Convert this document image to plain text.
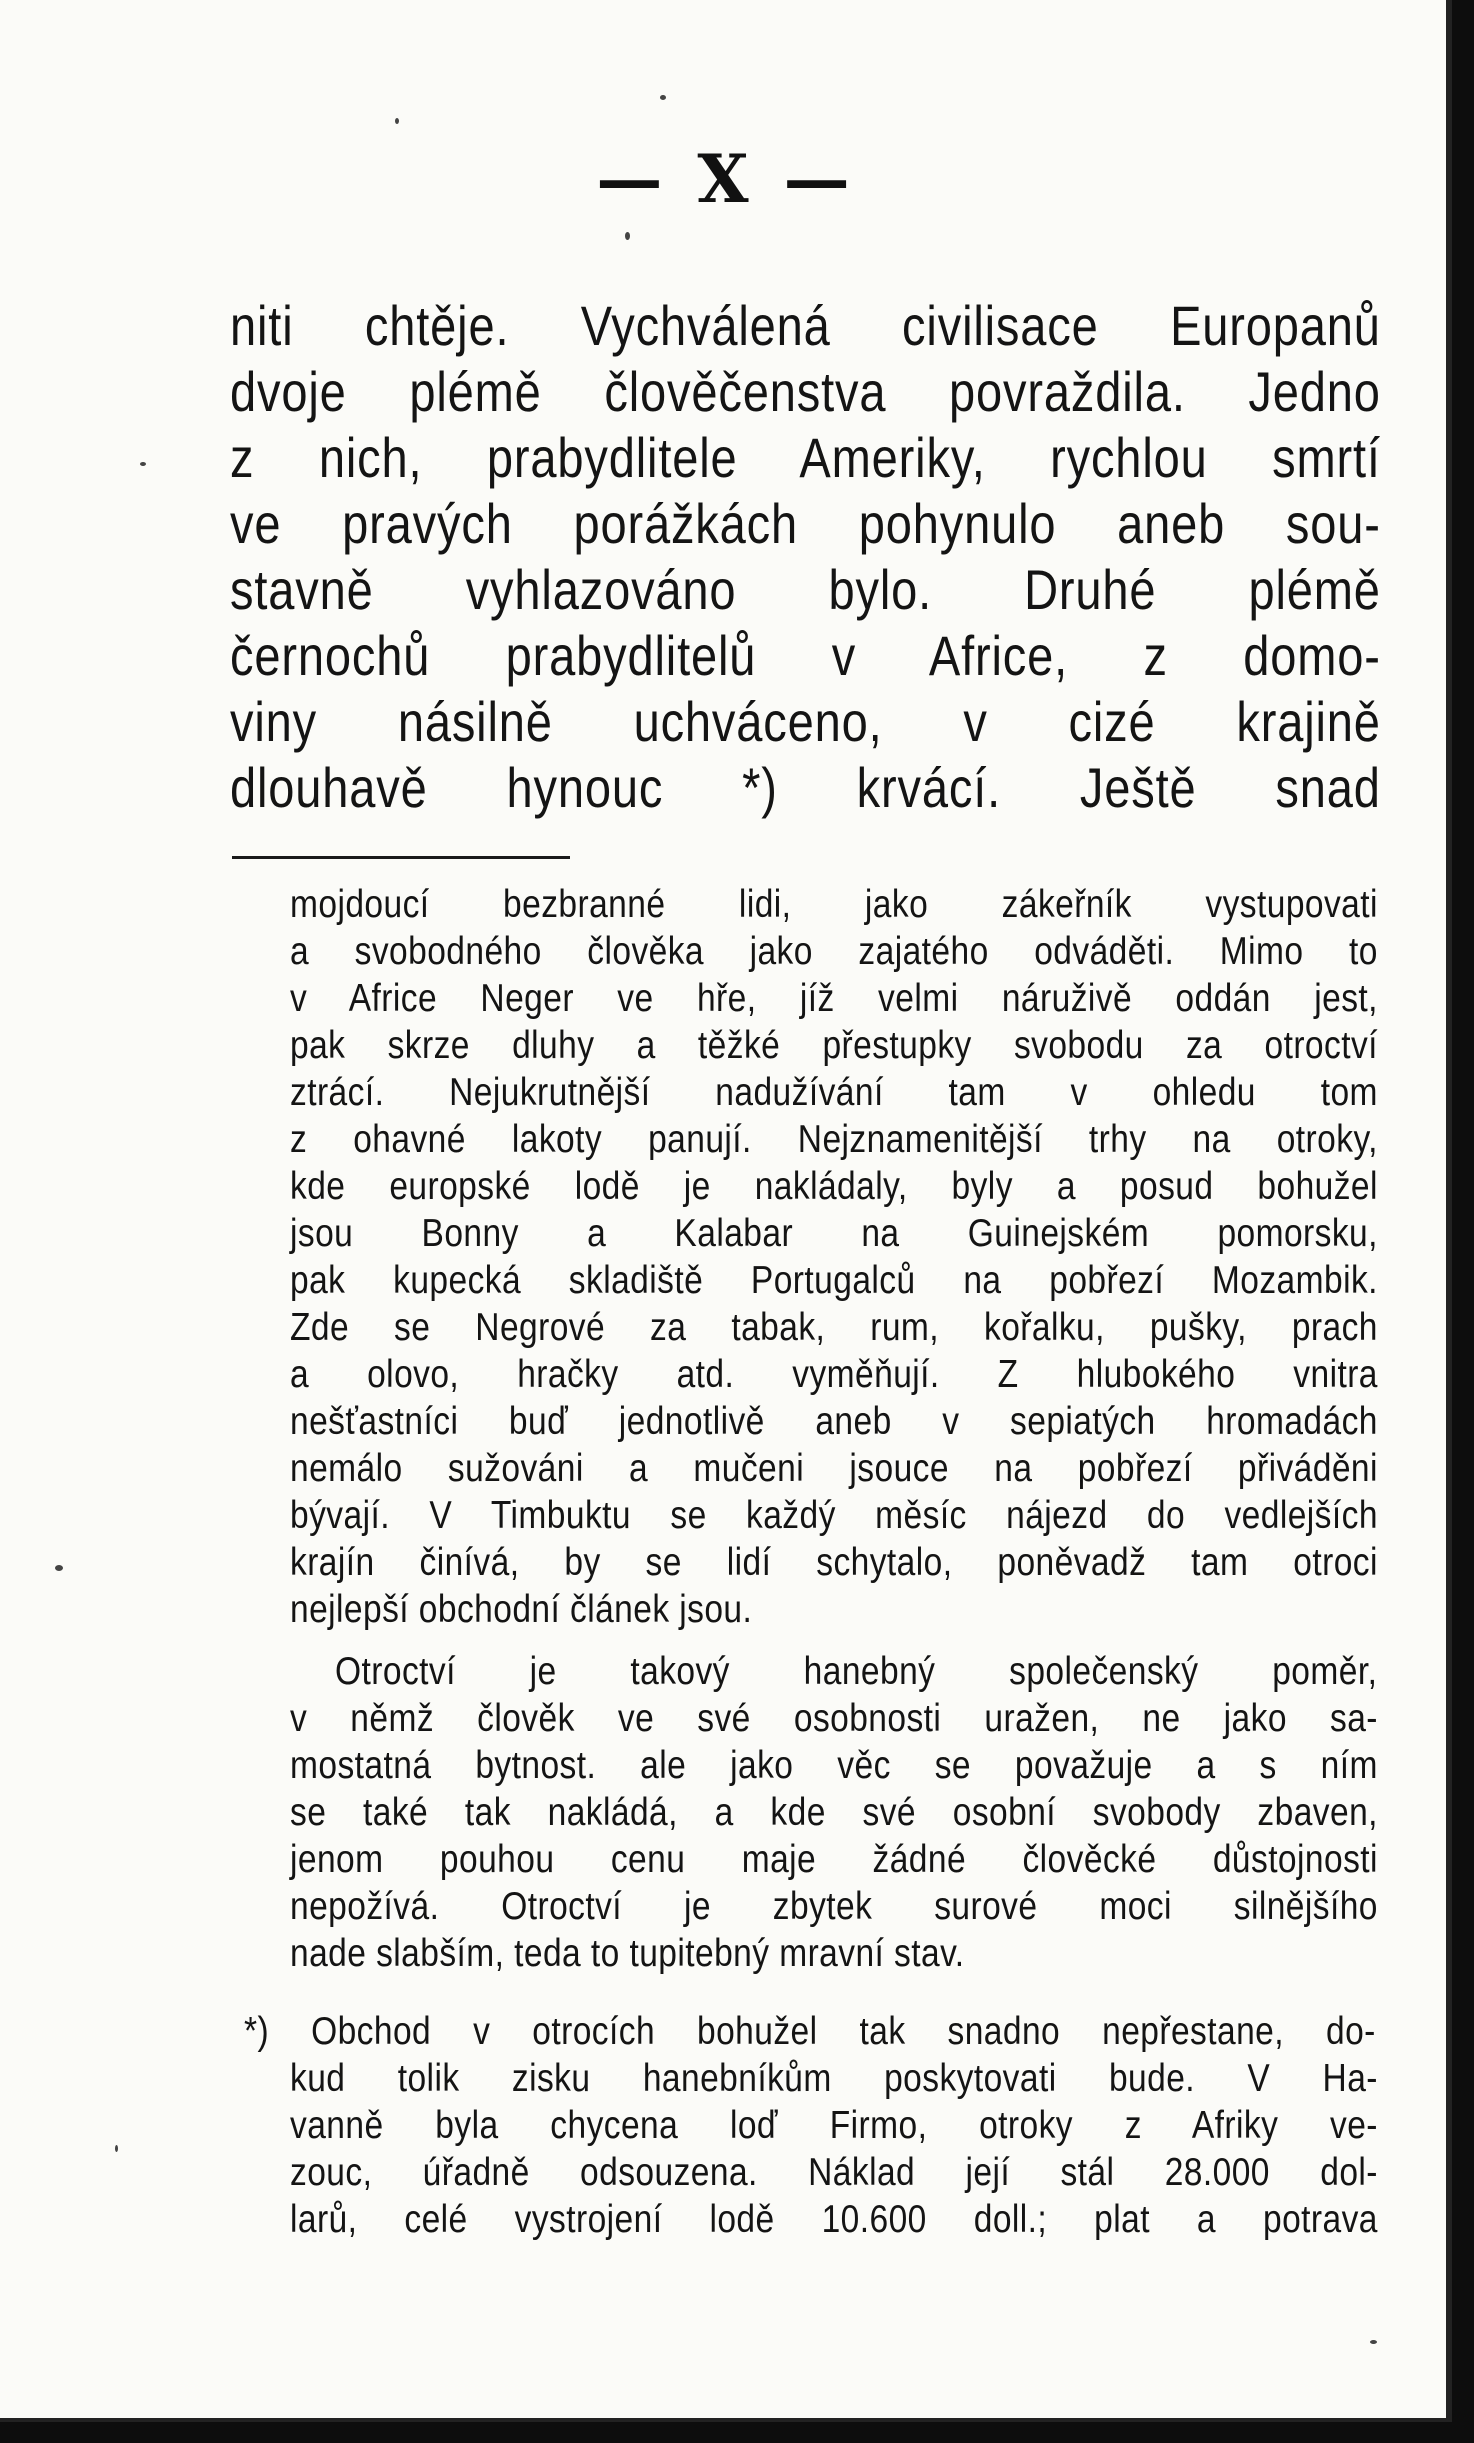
— X —
niti chtěje. Vychválená civilisace Europanů
dvoje plémě člověčenstva povraždila. Jedno
z nich, prabydlitele Ameriky, rychlou smrtí
ve pravých porážkách pohynulo aneb sou-
stavně vyhlazováno bylo. Druhé plémě
černochů prabydlitelů v Africe, z domo-
viny násilně uchváceno, v cizé krajině
dlouhavě hynouc *) krvácí. Ještě snad
mojdoucí bezbranné lidi, jako zákeřník vystupovati
a svobodného člověka jako zajatého odváděti. Mimo to
v Africe Neger ve hře, jíž velmi náruživě oddán jest,
pak skrze dluhy a těžké přestupky svobodu za otroctví
ztrácí. Nejukrutnější nadužívání tam v ohledu tom
z ohavné lakoty panují. Nejznamenitější trhy na otroky,
kde europské lodě je nakládaly, byly a posud bohužel
jsou Bonny a Kalabar na Guinejském pomorsku,
pak kupecká skladiště Portugalců na pobřezí Mozambik.
Zde se Negrové za tabak, rum, kořalku, pušky, prach
a olovo, hračky atd. vyměňují. Z hlubokého vnitra
nešťastníci buď jednotlivě aneb v sepiatých hromadách
nemálo sužováni a mučeni jsouce na pobřezí přiváděni
bývají. V Timbuktu se každý měsíc nájezd do vedlejších
krajín činívá, by se lidí schytalo, poněvadž tam otroci
nejlepší obchodní článek jsou.
Otroctví je takový hanebný společenský poměr,
v němž člověk ve své osobnosti uražen, ne jako sa-
mostatná bytnost. ale jako věc se považuje a s ním
se také tak nakládá, a kde své osobní svobody zbaven,
jenom pouhou cenu maje žádné člověcké důstojnosti
nepožívá. Otroctví je zbytek surové moci silnějšího
nade slabším, teda to tupitebný mravní stav.
*) Obchod v otrocích bohužel tak snadno nepřestane, do-
kud tolik zisku hanebníkům poskytovati bude. V Ha-
vanně byla chycena loď Firmo, otroky z Afriky ve-
zouc, úřadně odsouzena. Náklad její stál 28.000 dol-
larů, celé vystrojení lodě 10.600 doll.; plat a potrava
